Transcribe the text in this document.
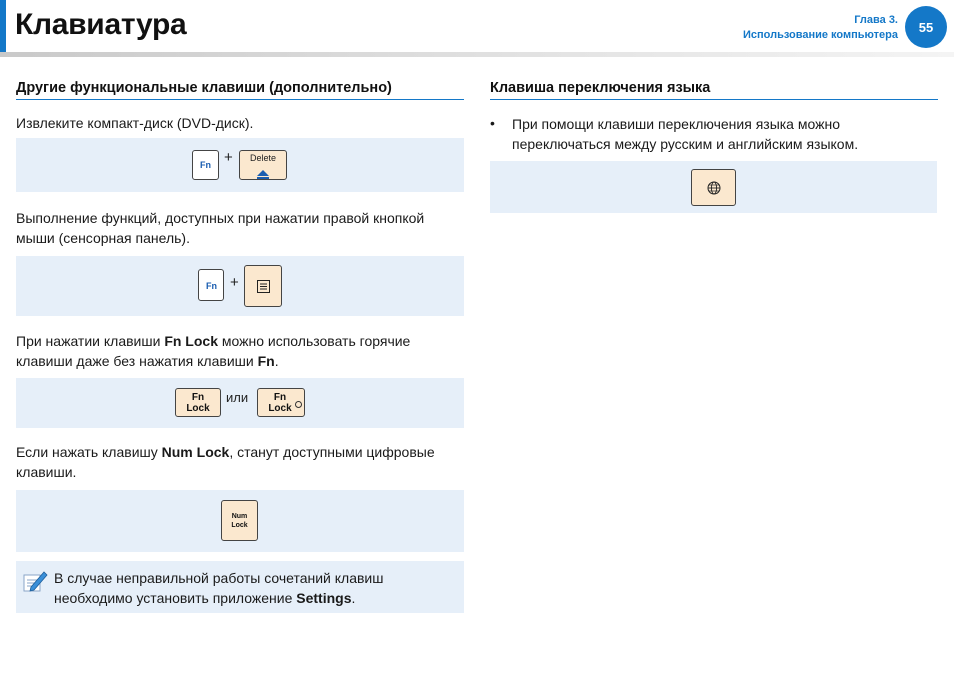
Клавиатура	Глава 3.
Использование компьютера
55
Другие функциональные клавиши (дополнительно)
Извлеките компакт-диск (DVD-диск).
Fn +	Delete
Выполнение функций, доступных при нажатии правой кнопкой мыши (сенсорная панель).
Fn +
При нажатии клавиши Fn Lock можно использовать горячие клавиши даже без нажатия клавиши Fn.
Fn
Lock
или	Fn
Lock
Если нажать клавишу Num Lock, станут доступными цифровые клавиши.
Num
Lock
В случае неправильной работы сочетаний клавиш необходимо установить приложение Settings.
Клавиша переключения языка
• При помощи клавиши переключения языка можно переключаться между русским и английским языком.
